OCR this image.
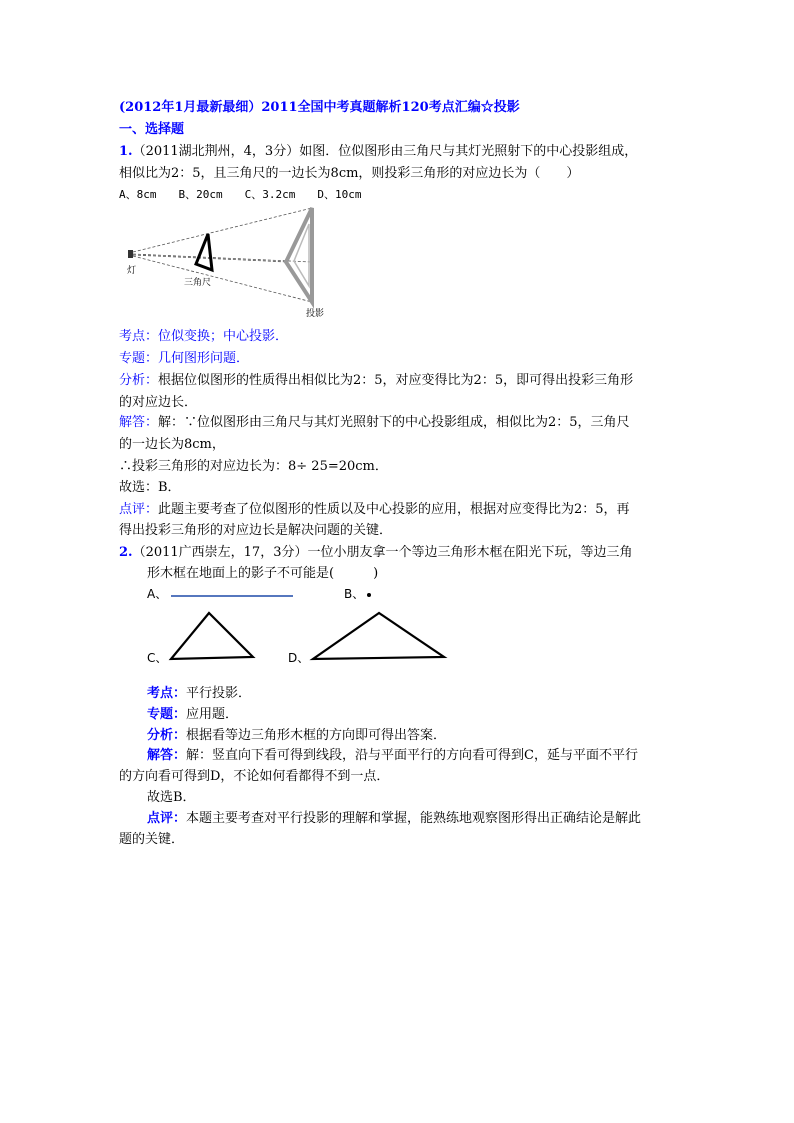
(2012年1月最新最细）2011全国中考真题解析120考点汇编☆投影
一、选择题
1.（2011湖北荆州，4，3分）如图．位似图形由三角尺与其灯光照射下的中心投影组成，
相似比为2：5，且三角尺的一边长为8cm，则投彩三角形的对应边长为（　　）
A、8cm　　B、20cm　　C、3.2cm　　D、10cm
灯
三角尺
投影
考点：位似变换；中心投影．
专题：几何图形问题．
分析：根据位似图形的性质得出相似比为2：5，对应变得比为2：5，即可得出投彩三角形
的对应边长．
解答：解：∵位似图形由三角尺与其灯光照射下的中心投影组成，相似比为2：5，三角尺
的一边长为8cm，
∴投彩三角形的对应边长为：8÷ 25=20cm．
故选：B．
点评：此题主要考查了位似图形的性质以及中心投影的应用，根据对应变得比为2：5，再
得出投彩三角形的对应边长是解决问题的关键．
2.（2011广西崇左，17，3分）一位小朋友拿一个等边三角形木框在阳光下玩，等边三角
形木框在地面上的影子不可能是(　　　)
A、	B、
C、	D、
考点：平行投影．
专题：应用题．
分析：根据看等边三角形木框的方向即可得出答案．
解答：解：竖直向下看可得到线段，沿与平面平行的方向看可得到C，延与平面不平行
的方向看可得到D，不论如何看都得不到一点．
故选B．
点评：本题主要考查对平行投影的理解和掌握，能熟练地观察图形得出正确结论是解此
题的关键．
